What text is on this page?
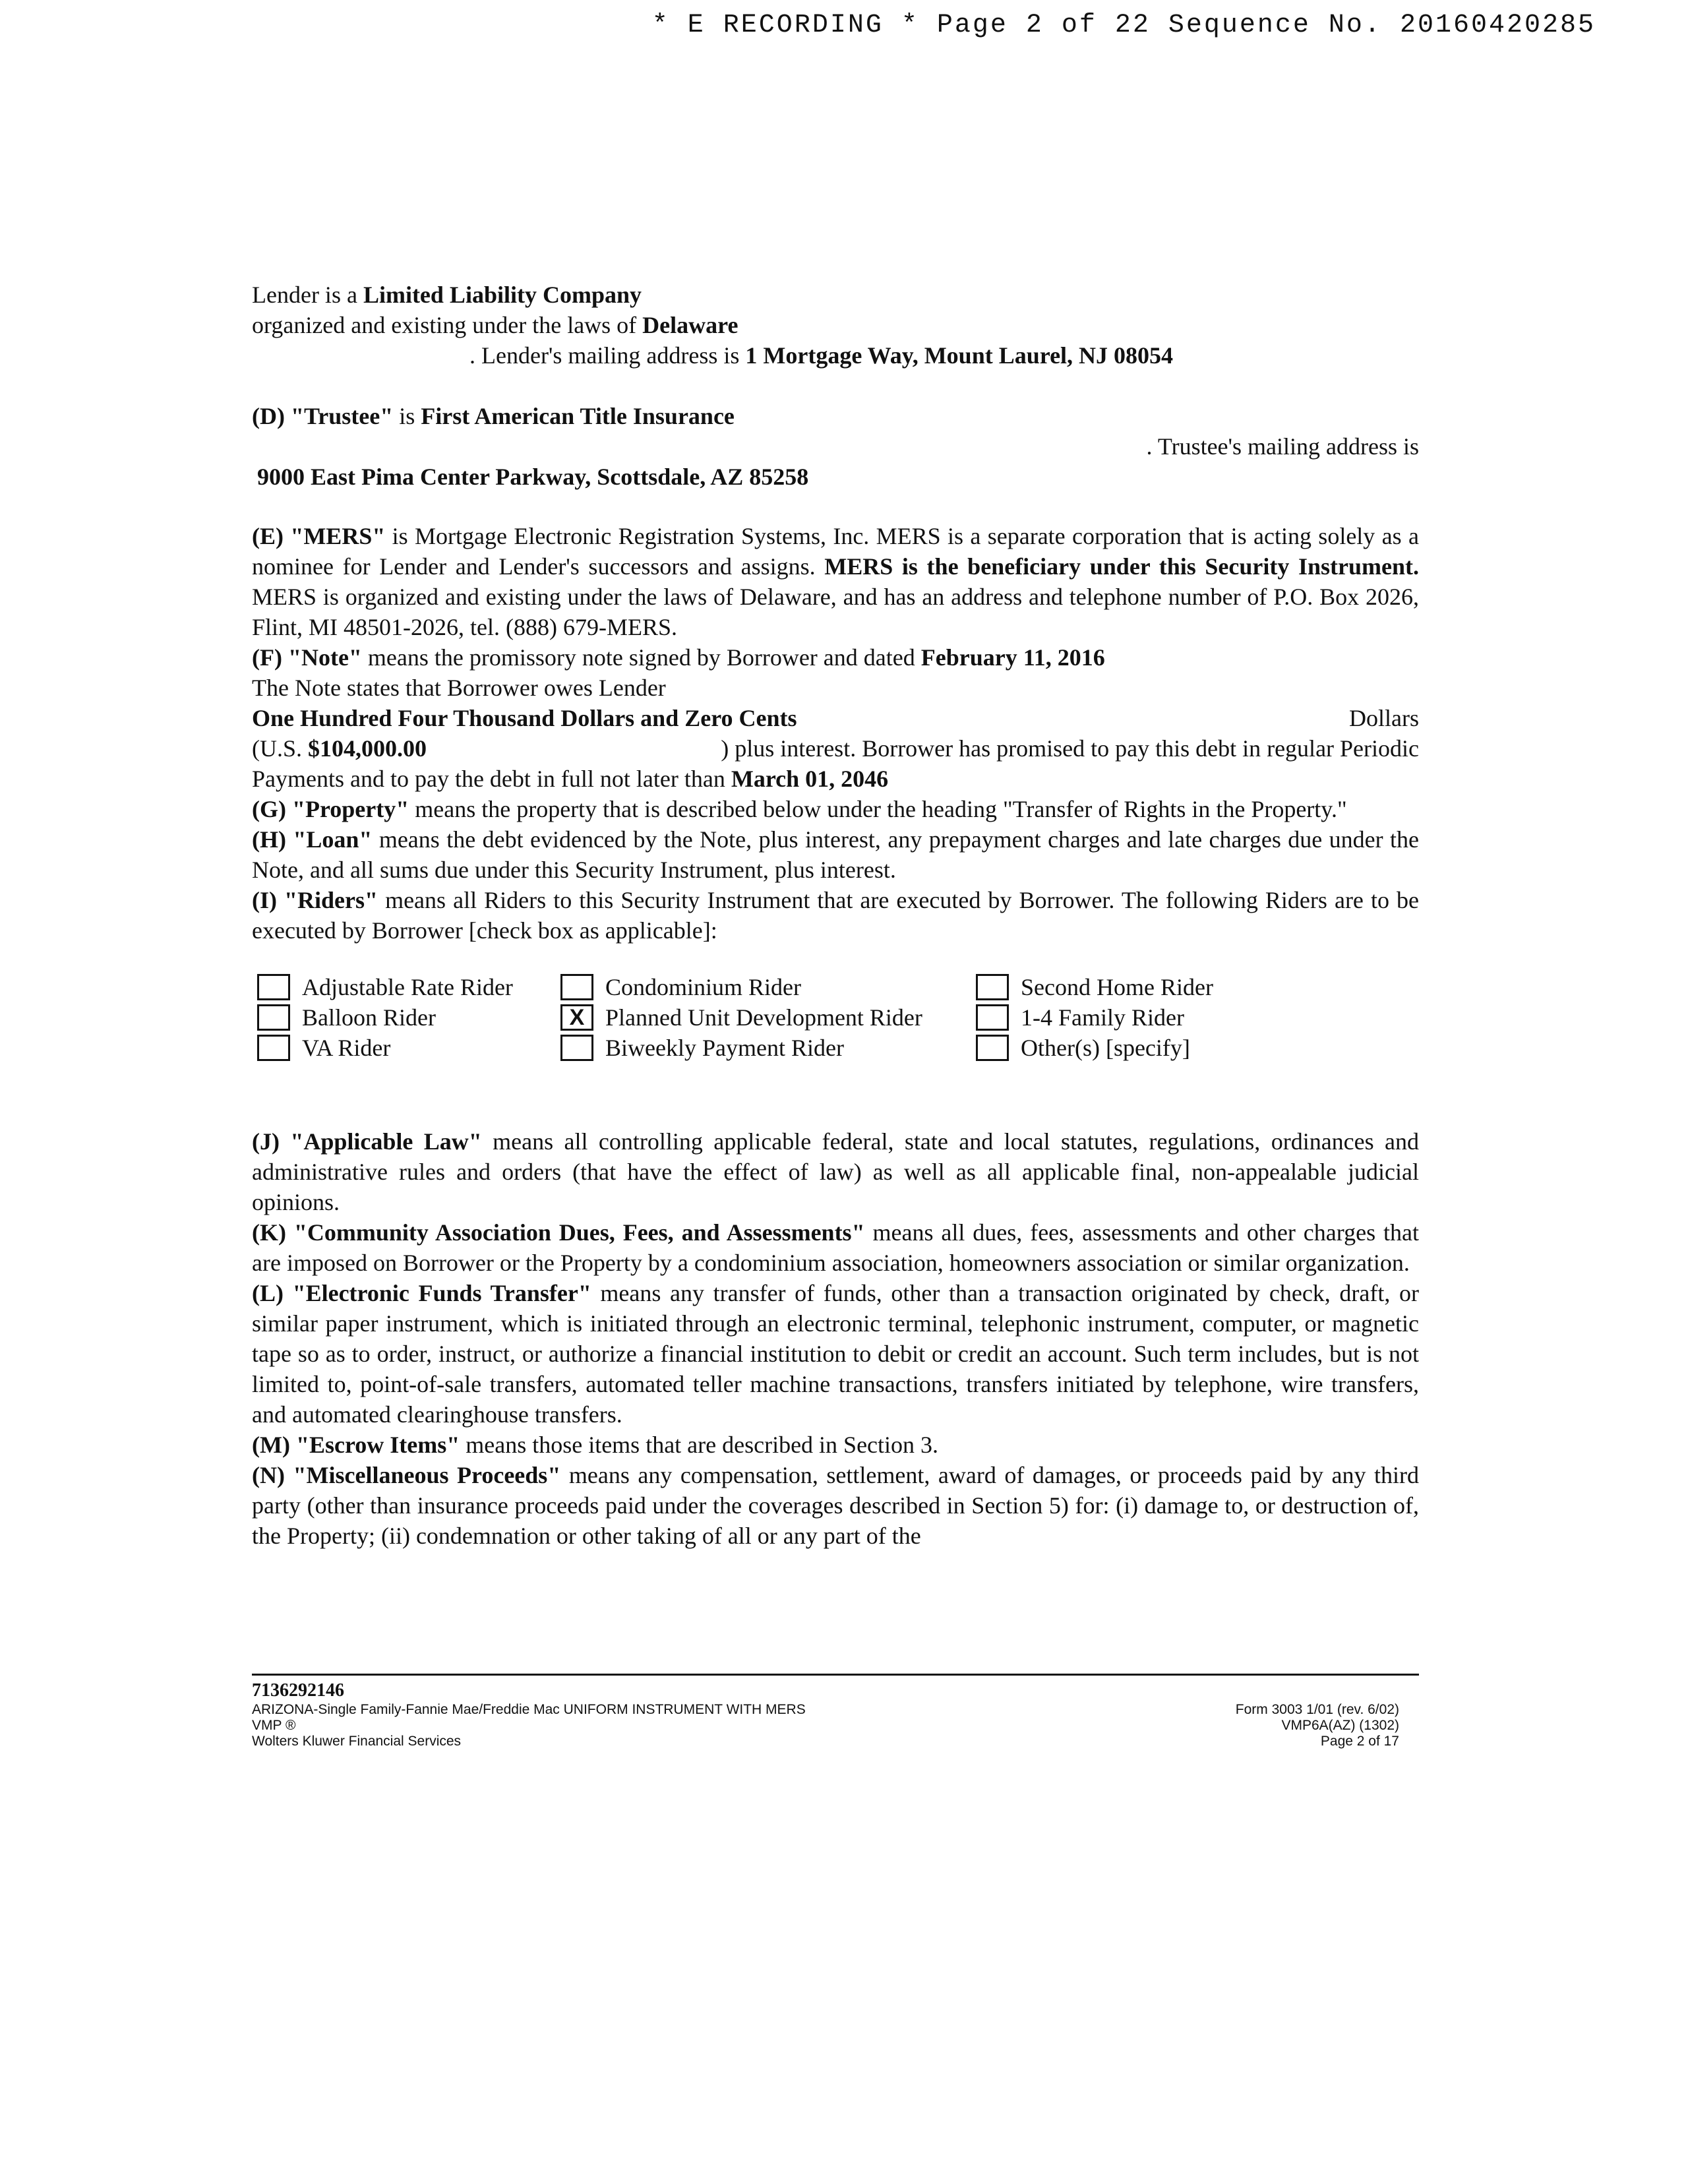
* E RECORDING * Page 2 of 22 Sequence No. 20160420285
Lender is a Limited Liability Company
organized and existing under the laws of Delaware
. Lender's mailing address is 1 Mortgage Way, Mount Laurel, NJ 08054
(D) "Trustee" is First American Title Insurance
. Trustee's mailing address is
9000 East Pima Center Parkway, Scottsdale, AZ 85258

(E) "MERS" is Mortgage Electronic Registration Systems, Inc. MERS is a separate corporation that is acting solely as a nominee for Lender and Lender's successors and assigns. MERS is the beneficiary under this Security Instrument. MERS is organized and existing under the laws of Delaware, and has an address and telephone number of P.O. Box 2026, Flint, MI 48501-2026, tel. (888) 679-MERS.

(F) "Note" means the promissory note signed by Borrower and dated February 11, 2016
The Note states that Borrower owes Lender
One Hundred Four Thousand Dollars and Zero Cents	Dollars
(U.S. $104,000.00	) plus interest. Borrower has promised to pay this debt in regular Periodic
Payments and to pay the debt in full not later than March 01, 2046

(G) "Property" means the property that is described below under the heading "Transfer of Rights in the Property."

(H) "Loan" means the debt evidenced by the Note, plus interest, any prepayment charges and late charges due under the Note, and all sums due under this Security Instrument, plus interest.

(I) "Riders" means all Riders to this Security Instrument that are executed by Borrower. The following Riders are to be executed by Borrower [check box as applicable]:

Adjustable Rate Rider	Condominium Rider	Second Home Rider
Balloon Rider	X Planned Unit Development Rider	1-4 Family Rider
VA Rider	Biweekly Payment Rider	Other(s) [specify]

(J) "Applicable Law" means all controlling applicable federal, state and local statutes, regulations, ordinances and administrative rules and orders (that have the effect of law) as well as all applicable final, non-appealable judicial opinions.

(K) "Community Association Dues, Fees, and Assessments" means all dues, fees, assessments and other charges that are imposed on Borrower or the Property by a condominium association, homeowners association or similar organization.

(L) "Electronic Funds Transfer" means any transfer of funds, other than a transaction originated by check, draft, or similar paper instrument, which is initiated through an electronic terminal, telephonic instrument, computer, or magnetic tape so as to order, instruct, or authorize a financial institution to debit or credit an account. Such term includes, but is not limited to, point-of-sale transfers, automated teller machine transactions, transfers initiated by telephone, wire transfers, and automated clearinghouse transfers.

(M) "Escrow Items" means those items that are described in Section 3.

(N) "Miscellaneous Proceeds" means any compensation, settlement, award of damages, or proceeds paid by any third party (other than insurance proceeds paid under the coverages described in Section 5) for: (i) damage to, or destruction of, the Property; (ii) condemnation or other taking of all or any part of the

7136292146
ARIZONA-Single Family-Fannie Mae/Freddie Mac UNIFORM INSTRUMENT WITH MERS
VMP ®
Wolters Kluwer Financial Services
Form 3003 1/01 (rev. 6/02)
VMP6A(AZ) (1302)
Page 2 of 17
